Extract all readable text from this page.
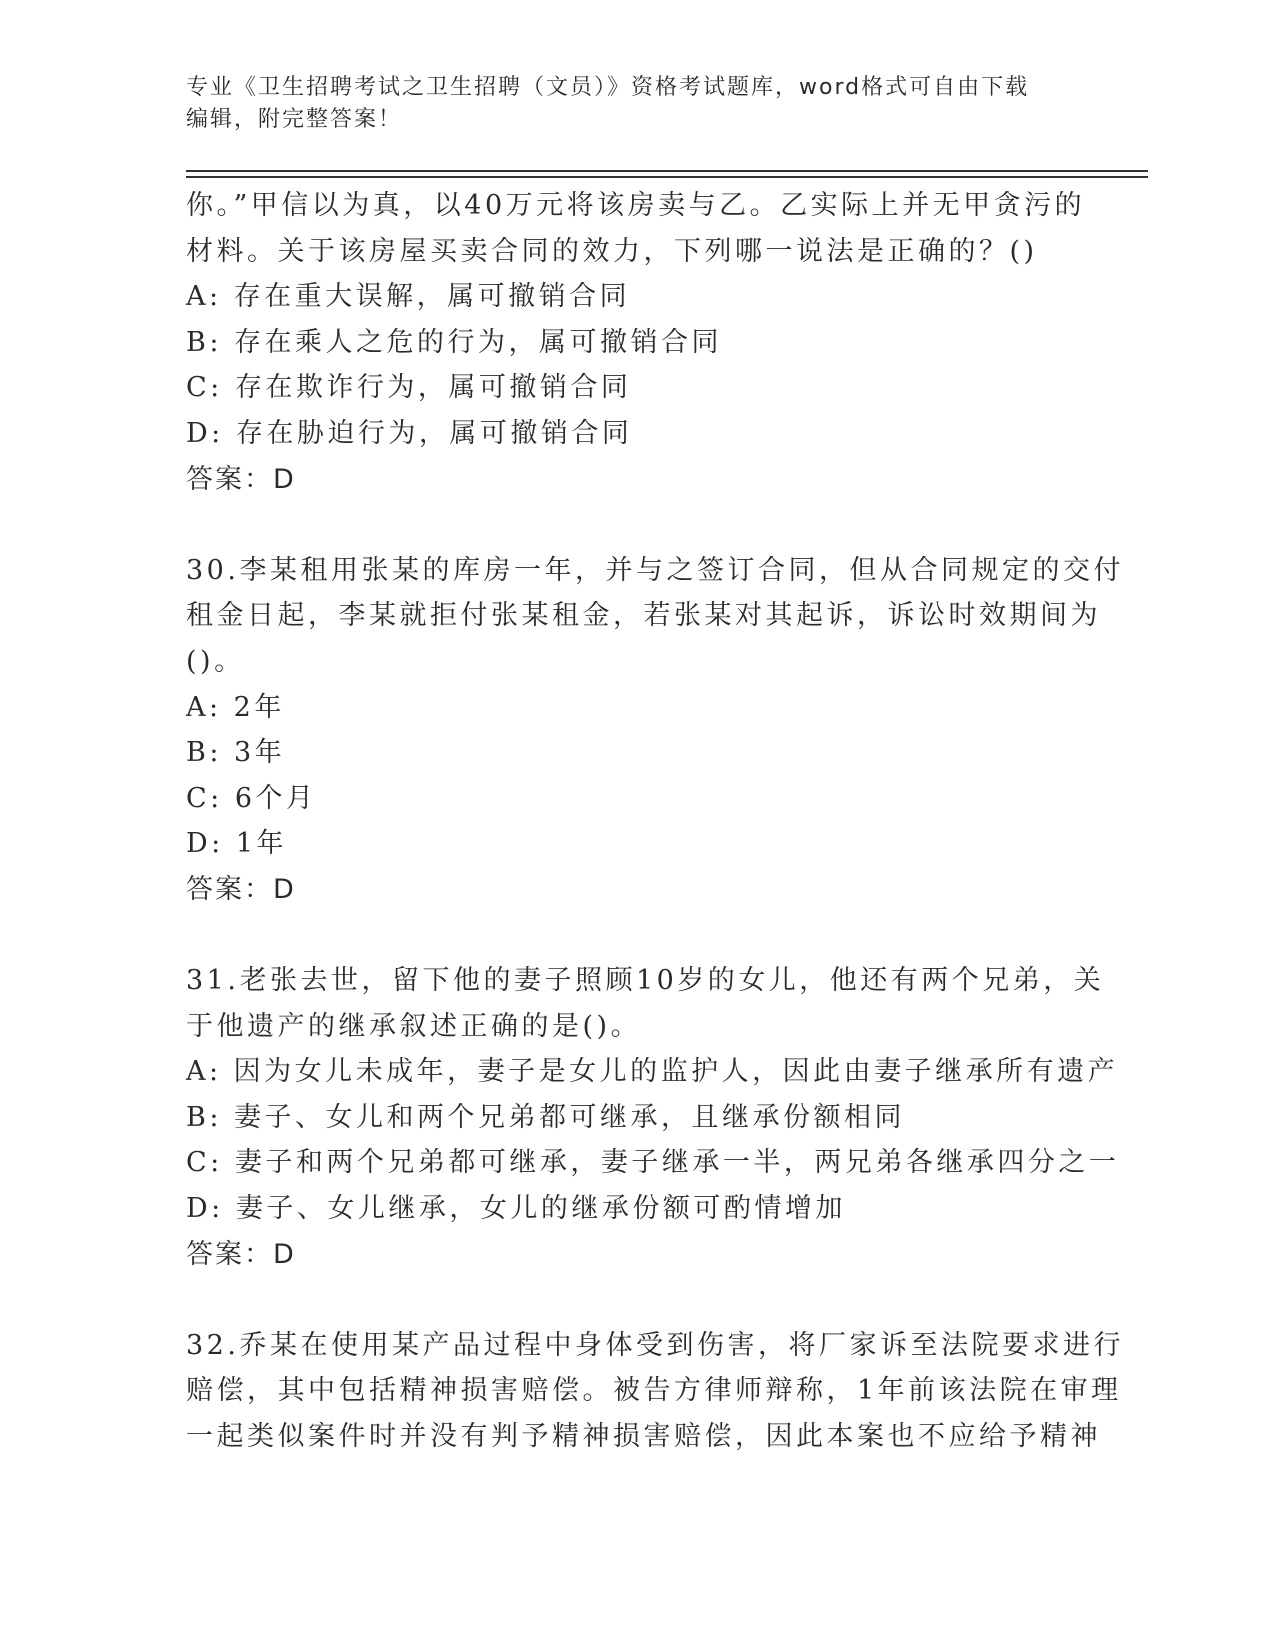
专业《卫生招聘考试之卫生招聘（文员）》资格考试题库，word格式可自由下载
编辑，附完整答案！
你。”甲信以为真，以40万元将该房卖与乙。乙实际上并无甲贪污的
材料。关于该房屋买卖合同的效力，下列哪一说法是正确的？()
A: 存在重大误解，属可撤销合同
B: 存在乘人之危的行为，属可撤销合同
C: 存在欺诈行为，属可撤销合同
D: 存在胁迫行为，属可撤销合同
答案：D
30.李某租用张某的库房一年，并与之签订合同，但从合同规定的交付
租金日起，李某就拒付张某租金，若张某对其起诉，诉讼时效期间为
()。
A: 2年
B: 3年
C: 6个月
D: 1年
答案：D
31.老张去世，留下他的妻子照顾10岁的女儿，他还有两个兄弟，关
于他遗产的继承叙述正确的是()。
A: 因为女儿未成年，妻子是女儿的监护人，因此由妻子继承所有遗产
B: 妻子、女儿和两个兄弟都可继承，且继承份额相同
C: 妻子和两个兄弟都可继承，妻子继承一半，两兄弟各继承四分之一
D: 妻子、女儿继承，女儿的继承份额可酌情增加
答案：D
32.乔某在使用某产品过程中身体受到伤害，将厂家诉至法院要求进行
赔偿，其中包括精神损害赔偿。被告方律师辩称，1年前该法院在审理
一起类似案件时并没有判予精神损害赔偿，因此本案也不应给予精神
